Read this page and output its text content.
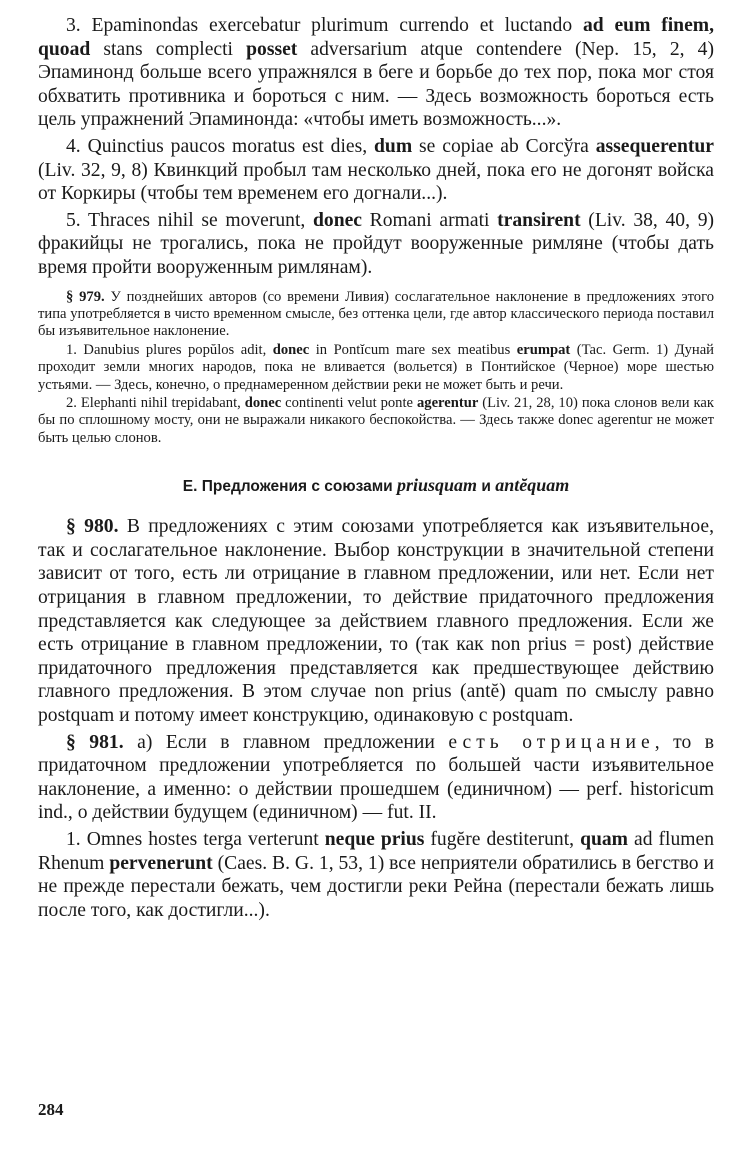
3. Epaminondas exercebatur plurimum currendo et luctando ad eum finem, quoad stans complecti posset adversarium atque contendere (Nep. 15, 2, 4) Эпаминонд больше всего упражнялся в беге и борьбе до тех пор, пока мог стоя обхватить противника и бороться с ним. — Здесь возможность бороться есть цель упражнений Эпаминонда: «чтобы иметь возможность...».

4. Quinctius paucos moratus est dies, dum se copiae ab Corcўra assequerentur (Liv. 32, 9, 8) Квинкций пробыл там несколько дней, пока его не догонят войска от Коркиры (чтобы тем временем его догнали...).

5. Thraces nihil se moverunt, donec Romani armati transirent (Liv. 38, 40, 9) фракийцы не трогались, пока не пройдут вооруженные римляне (чтобы дать время пройти вооруженным римлянам).

§ 979. У позднейших авторов (со времени Ливия) сослагательное наклонение в предложениях этого типа употребляется в чисто временном смысле, без оттенка цели, где автор классического периода поставил бы изъявительное наклонение.

1. Danubius plures popŭlos adit, donec in Pontĭcum mare sex meatibus erumpat (Tac. Germ. 1) Дунай проходит земли многих народов, пока не вливается (вольется) в Понтийское (Черное) море шестью устьями. — Здесь, конечно, о преднамеренном действии реки не может быть и речи.

2. Elephanti nihil trepidabant, donec continenti velut ponte agerentur (Liv. 21, 28, 10) пока слонов вели как бы по сплошному мосту, они не выражали никакого беспокойства. — Здесь также donec agerentur не может быть целью слонов.

Е. Предложения с союзами priusquam и antĕquam

§ 980. В предложениях с этим союзами употребляется как изъявительное, так и сослагательное наклонение. Выбор конструкции в значительной степени зависит от того, есть ли отрицание в главном предложении, или нет. Если нет отрицания в главном предложении, то действие придаточного предложения представляется как следующее за действием главного предложения. Если же есть отрицание в главном предложении, то (так как non prius = post) действие придаточного предложения представляется как предшествующее действию главного предложения. В этом случае non prius (antĕ) quam по смыслу равно postquam и потому имеет конструкцию, одинаковую с postquam.

§ 981. а) Если в главном предложении есть отрицание, то в придаточном предложении употребляется по большей части изъявительное наклонение, а именно: о действии прошедшем (единичном) — perf. historicum ind., о действии будущем (единичном) — fut. II.

1. Omnes hostes terga verterunt neque prius fugĕre destiterunt, quam ad flumen Rhenum pervenerunt (Caes. B. G. 1, 53, 1) все неприятели обратились в бегство и не прежде перестали бежать, чем достигли реки Рейна (перестали бежать лишь после того, как достигли...).

284
